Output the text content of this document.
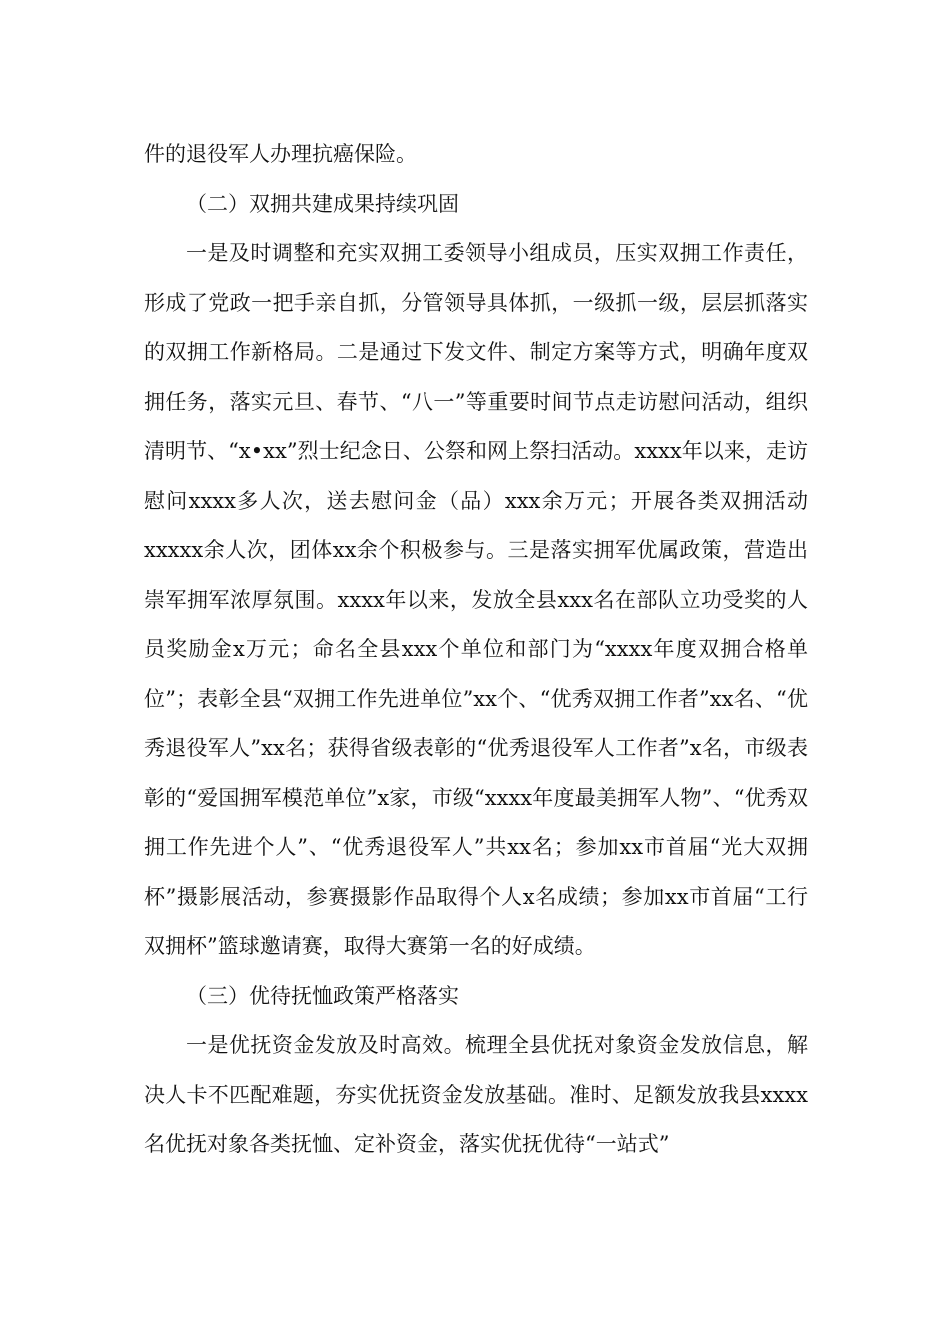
件的退役军人办理抗癌保险。

（二）双拥共建成果持续巩固

一是及时调整和充实双拥工委领导小组成员，压实双拥工作责任，形成了党政一把手亲自抓，分管领导具体抓，一级抓一级，层层抓落实的双拥工作新格局。二是通过下发文件、制定方案等方式，明确年度双拥任务，落实元旦、春节、“八一”等重要时间节点走访慰问活动，组织清明节、“x•xx”烈士纪念日、公祭和网上祭扫活动。xxxx年以来，走访慰问xxxx多人次，送去慰问金（品）xxx余万元；开展各类双拥活动xxxxx余人次，团体xx余个积极参与。三是落实拥军优属政策，营造出崇军拥军浓厚氛围。xxxx年以来，发放全县xxx名在部队立功受奖的人员奖励金x万元；命名全县xxx个单位和部门为“xxxx年度双拥合格单位”；表彰全县“双拥工作先进单位”xx个、“优秀双拥工作者”xx名、“优秀退役军人”xx名；获得省级表彰的“优秀退役军人工作者”x名，市级表彰的“爱国拥军模范单位”x家，市级“xxxx年度最美拥军人物”、“优秀双拥工作先进个人”、“优秀退役军人”共xx名；参加xx市首届“光大双拥杯”摄影展活动，参赛摄影作品取得个人x名成绩；参加xx市首届“工行双拥杯”篮球邀请赛，取得大赛第一名的好成绩。

（三）优待抚恤政策严格落实

一是优抚资金发放及时高效。梳理全县优抚对象资金发放信息，解决人卡不匹配难题，夯实优抚资金发放基础。准时、足额发放我县xxxx名优抚对象各类抚恤、定补资金，落实优抚优待“一站式”
